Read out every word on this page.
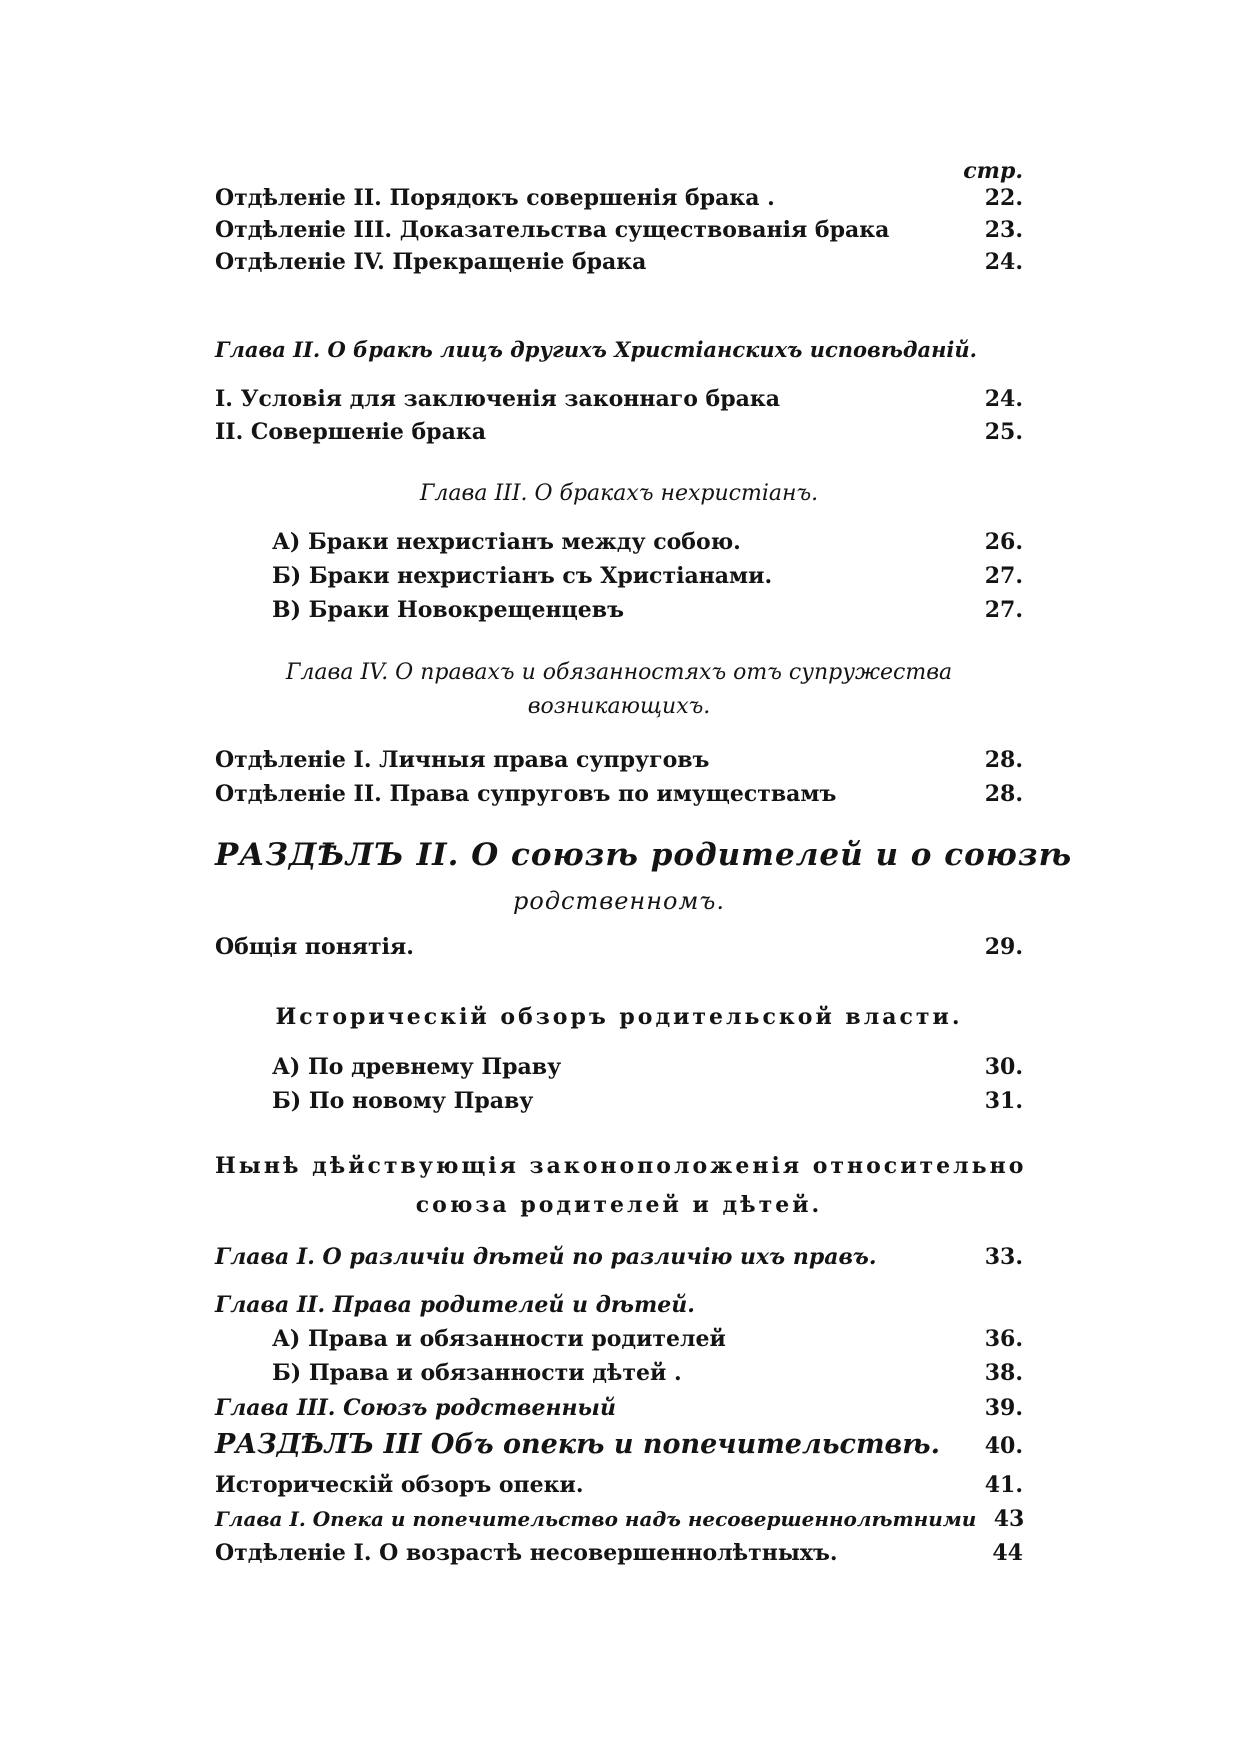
стр.
Отдѣленіе II. Порядокъ совершенія брака .	22.
Отдѣленіе III. Доказательства существованія брака	23.
Отдѣленіе IV. Прекращеніе брака	24.
Глава II. О бракѣ лицъ другихъ Христіанскихъ исповѣданій.
I. Условія для заключенія законнаго брака	24.
II. Совершеніе брака	25.
Глава III. О бракахъ нехристіанъ.
А) Браки нехристіанъ между собою.	26.
Б) Браки нехристіанъ съ Христіанами.	27.
В) Браки Новокрещенцевъ	27.
Глава IV. О правахъ и обязанностяхъ отъ супружества
возникающихъ.
Отдѣленіе I. Личныя права супруговъ	28.
Отдѣленіе II. Права супруговъ по имуществамъ	28.
РАЗДѢЛЪ II. О союзѣ родителей и о союзѣ
родственномъ.
Общія понятія.	29.
Историческій обзоръ родительской власти.
А) По древнему Праву	30.
Б) По новому Праву	31.
Нынѣ дѣйствующія законоположенія относительно
союза родителей и дѣтей.
Глава I. О различіи дѣтей по различію ихъ правъ.	33.
Глава II. Права родителей и дѣтей.
А) Права и обязанности родителей	36.
Б) Права и обязанности дѣтей .	38.
Глава III. Союзъ родственный	39.
РАЗДѢЛЪ III Объ опекѣ и попечительствѣ.	40.
Историческій обзоръ опеки.	41.
Глава I. Опека и попечительство надъ несовершеннолѣтними 43
Отдѣленіе I. О возрастѣ несовершеннолѣтныхъ.	44
